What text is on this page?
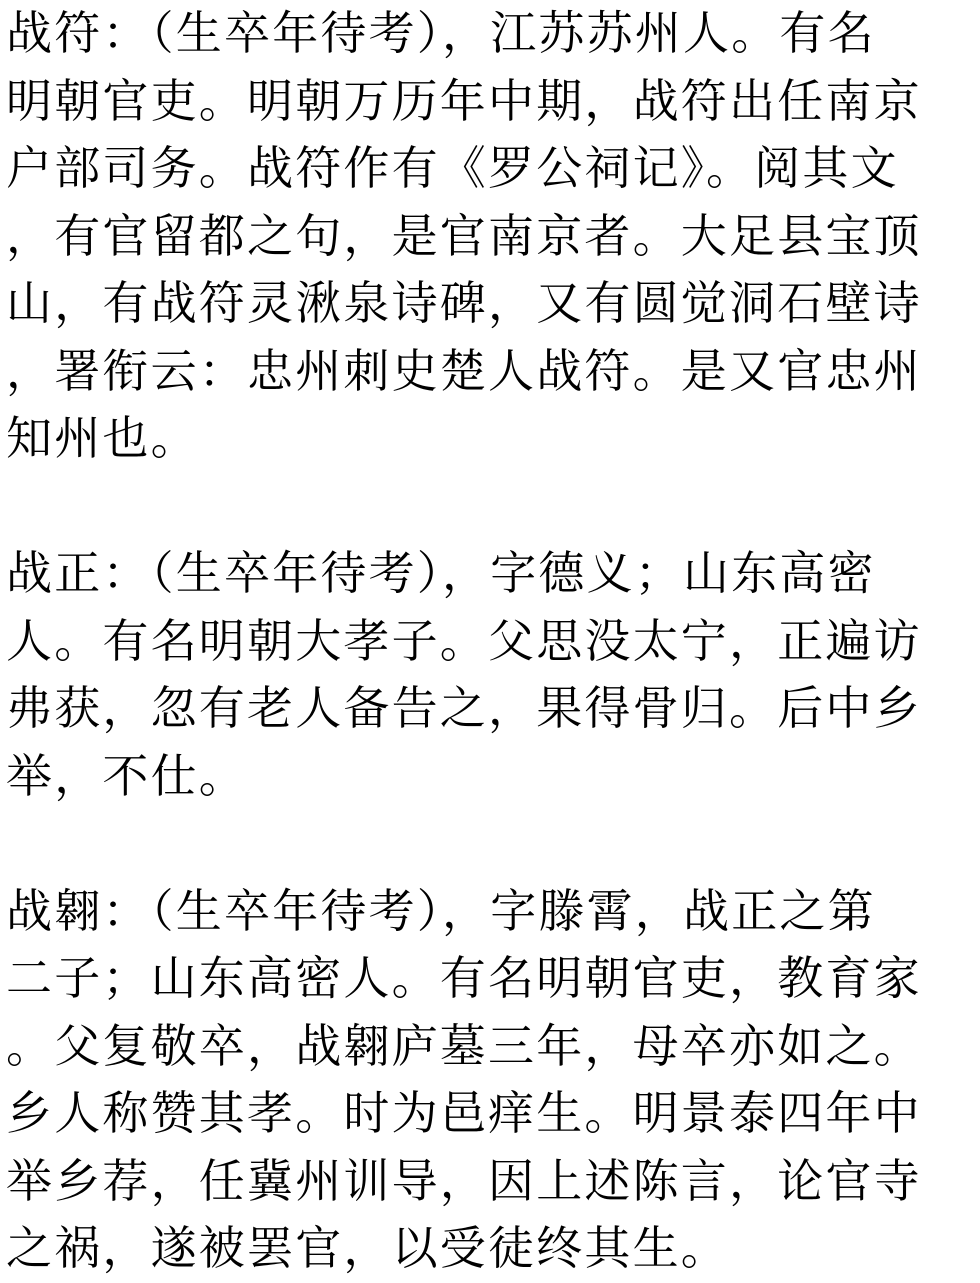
战符：（生卒年待考），江苏苏州人。有名
明朝官吏。明朝万历年中期，战符出任南京
户部司务。战符作有《罗公祠记》。阅其文
，有官留都之句，是官南京者。大足县宝顶
山，有战符灵湫泉诗碑，又有圆觉洞石壁诗
，署衔云：忠州刺史楚人战符。是又官忠州
知州也。
战正：（生卒年待考），字德义；山东高密
人。有名明朝大孝子。父思没太宁，正遍访
弗获，忽有老人备告之，果得骨归。后中乡
举，不仕。
战翱：（生卒年待考），字滕霄，战正之第
二子；山东高密人。有名明朝官吏，教育家
。父复敬卒，战翱庐墓三年，母卒亦如之。
乡人称赞其孝。时为邑痒生。明景泰四年中
举乡荐，任冀州训导，因上述陈言，论官寺
之祸，遂被罢官，以受徒终其生。
